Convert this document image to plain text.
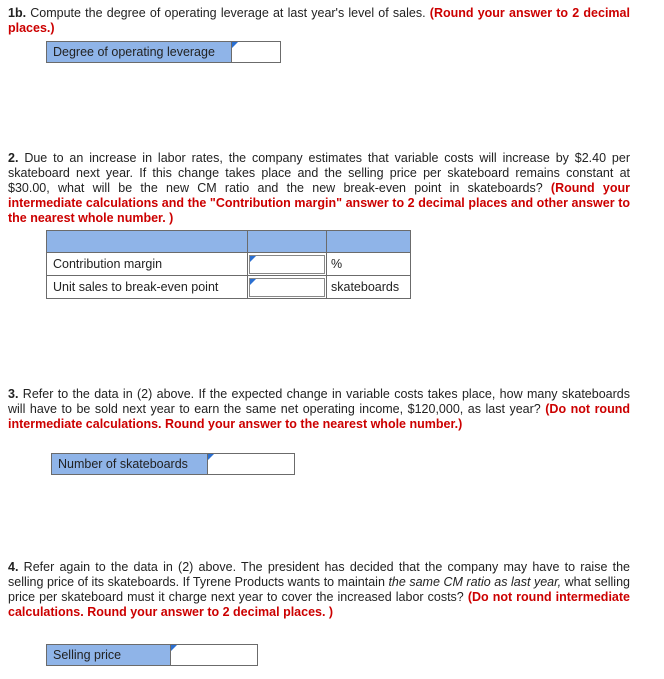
1b. Compute the degree of operating leverage at last year's level of sales. (Round your answer to 2 decimal places.)
Degree of operating leverage
2. Due to an increase in labor rates, the company estimates that variable costs will increase by $2.40 per skateboard next year. If this change takes place and the selling price per skateboard remains constant at $30.00, what will be the new CM ratio and the new break-even point in skateboards? (Round your intermediate calculations and the "Contribution margin" answer to 2 decimal places and other answer to the nearest whole number. )
Contribution margin	%
Unit sales to break-even point	skateboards
3. Refer to the data in (2) above. If the expected change in variable costs takes place, how many skateboards will have to be sold next year to earn the same net operating income, $120,000, as last year? (Do not round intermediate calculations. Round your answer to the nearest whole number.)
Number of skateboards
4. Refer again to the data in (2) above. The president has decided that the company may have to raise the selling price of its skateboards. If Tyrene Products wants to maintain the same CM ratio as last year, what selling price per skateboard must it charge next year to cover the increased labor costs? (Do not round intermediate calculations. Round your answer to 2 decimal places. )
Selling price
